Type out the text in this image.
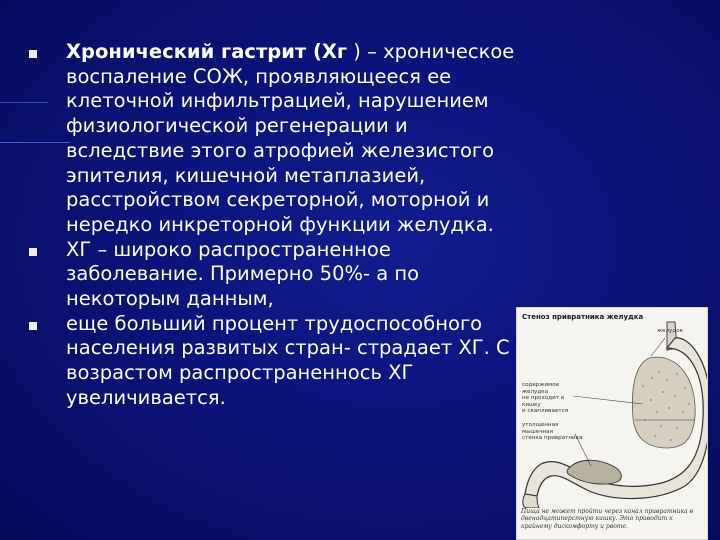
Хронический гастрит (Хг ) – хроническое воспаление СОЖ, проявляющееся ее клеточной инфильтрацией, нарушением физиологической регенерации и вследствие этого атрофией железистого эпителия, кишечной метаплазией, расстройством секреторной, моторной и нередко инкреторной функции желудка.
ХГ – широко распространенное заболевание. Примерно 50%- а по некоторым данным,
еще больший процент трудоспособного населения развитых стран- страдает ХГ. С возрастом распространеннось ХГ увеличивается.
Стеноз привратника желудка
желудок
содержимое желудка
не проходит в кишку
и скапливается
утолщенная мышечная
стенка привратника
Пища не может пройти через канал привратника в двенадцатиперстную кишку. Это приводит к крайнему дискомфорту и рвоте.
